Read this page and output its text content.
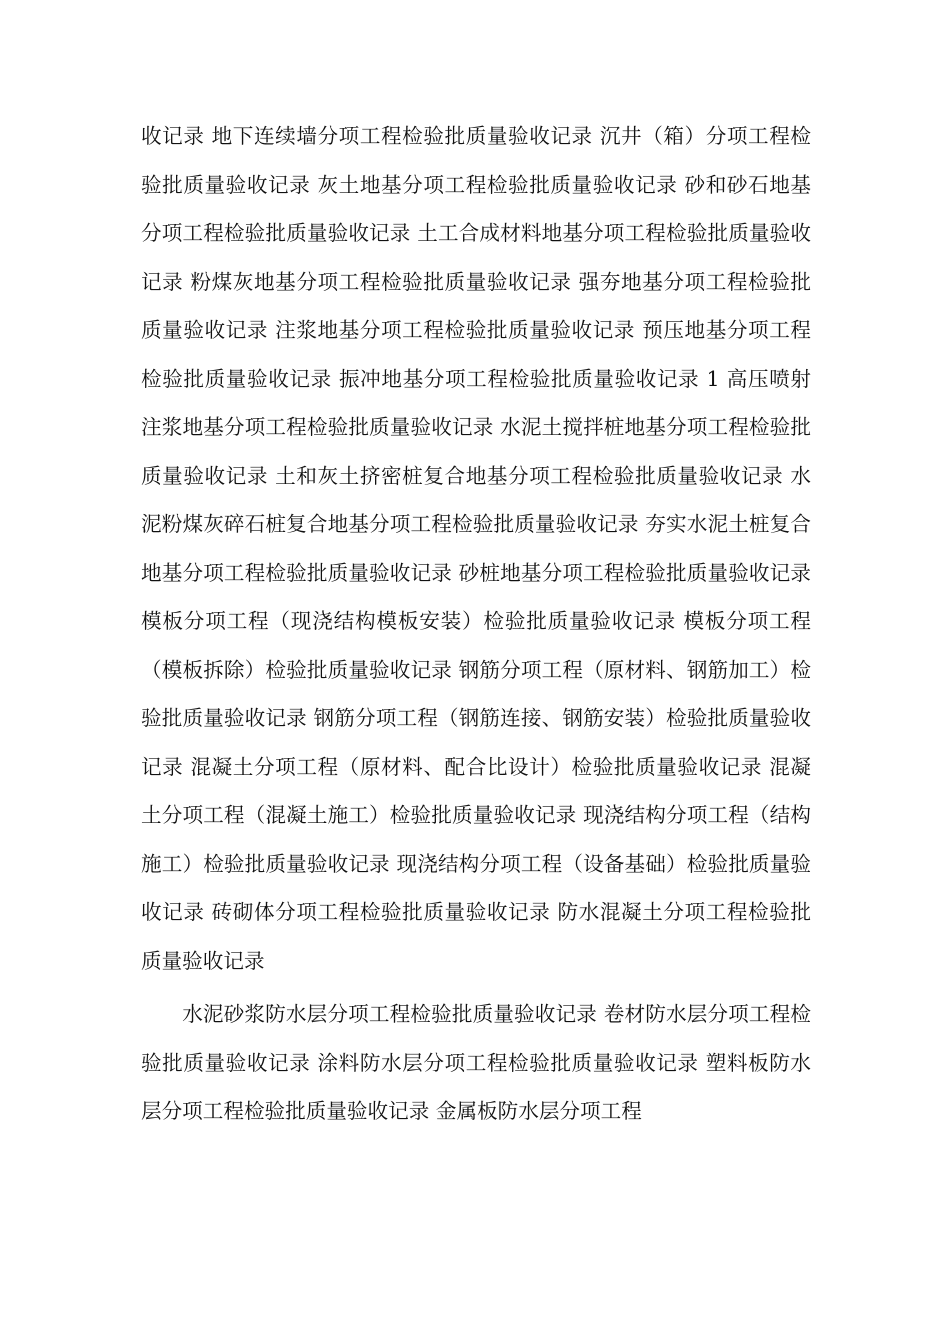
收记录 地下连续墙分项工程检验批质量验收记录 沉井（箱）分项工程检验批质量验收记录 灰土地基分项工程检验批质量验收记录 砂和砂石地基分项工程检验批质量验收记录 土工合成材料地基分项工程检验批质量验收记录 粉煤灰地基分项工程检验批质量验收记录 强夯地基分项工程检验批质量验收记录 注浆地基分项工程检验批质量验收记录 预压地基分项工程检验批质量验收记录 振冲地基分项工程检验批质量验收记录 1 高压喷射注浆地基分项工程检验批质量验收记录 水泥土搅拌桩地基分项工程检验批质量验收记录 土和灰土挤密桩复合地基分项工程检验批质量验收记录 水泥粉煤灰碎石桩复合地基分项工程检验批质量验收记录 夯实水泥土桩复合地基分项工程检验批质量验收记录 砂桩地基分项工程检验批质量验收记录 模板分项工程（现浇结构模板安装）检验批质量验收记录 模板分项工程（模板拆除）检验批质量验收记录 钢筋分项工程（原材料、钢筋加工）检验批质量验收记录 钢筋分项工程（钢筋连接、钢筋安装）检验批质量验收记录 混凝土分项工程（原材料、配合比设计）检验批质量验收记录 混凝土分项工程（混凝土施工）检验批质量验收记录 现浇结构分项工程（结构施工）检验批质量验收记录 现浇结构分项工程（设备基础）检验批质量验收记录 砖砌体分项工程检验批质量验收记录 防水混凝土分项工程检验批质量验收记录

水泥砂浆防水层分项工程检验批质量验收记录 卷材防水层分项工程检验批质量验收记录 涂料防水层分项工程检验批质量验收记录 塑料板防水层分项工程检验批质量验收记录 金属板防水层分项工程
